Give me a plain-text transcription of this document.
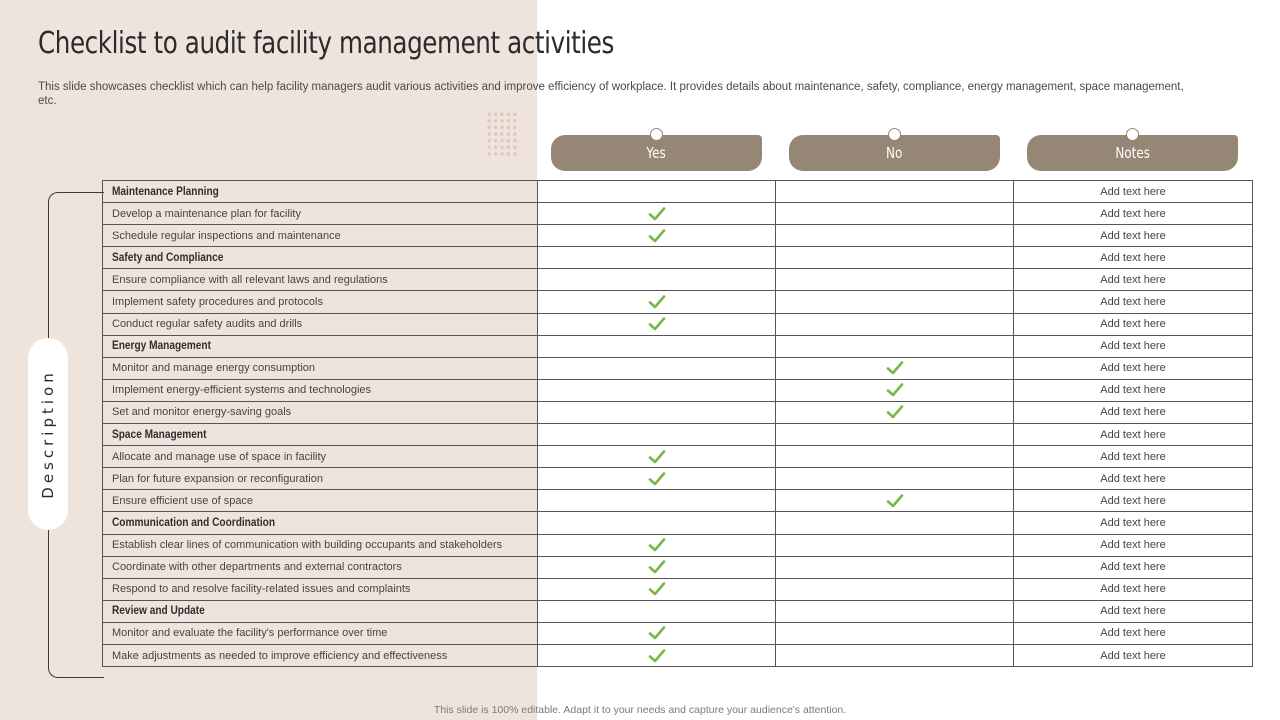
Checklist to audit facility management activities

This slide showcases checklist which can help facility managers audit various activities and improve efficiency of workplace. It provides details about maintenance, safety, compliance, energy management, space management, etc.

Description
Yes	No	Notes
Maintenance Planning			Add text here
Develop a maintenance plan for facility			Add text here
Schedule regular inspections and maintenance			Add text here
Safety and Compliance			Add text here
Ensure compliance with all relevant laws and regulations			Add text here
Implement safety procedures and protocols			Add text here
Conduct regular safety audits and drills			Add text here
Energy Management			Add text here
Monitor and manage energy consumption			Add text here
Implement energy-efficient systems and technologies			Add text here
Set and monitor energy-saving goals			Add text here
Space Management			Add text here
Allocate and manage use of space in facility			Add text here
Plan for future expansion or reconfiguration			Add text here
Ensure efficient use of space			Add text here
Communication and Coordination			Add text here
Establish clear lines of communication with building occupants and stakeholders			Add text here
Coordinate with other departments and external contractors			Add text here
Respond to and resolve facility-related issues and complaints			Add text here
Review and Update			Add text here
Monitor and evaluate the facility's performance over time			Add text here
Make adjustments as needed to improve efficiency and effectiveness			Add text here

This slide is 100% editable. Adapt it to your needs and capture your audience's attention.
